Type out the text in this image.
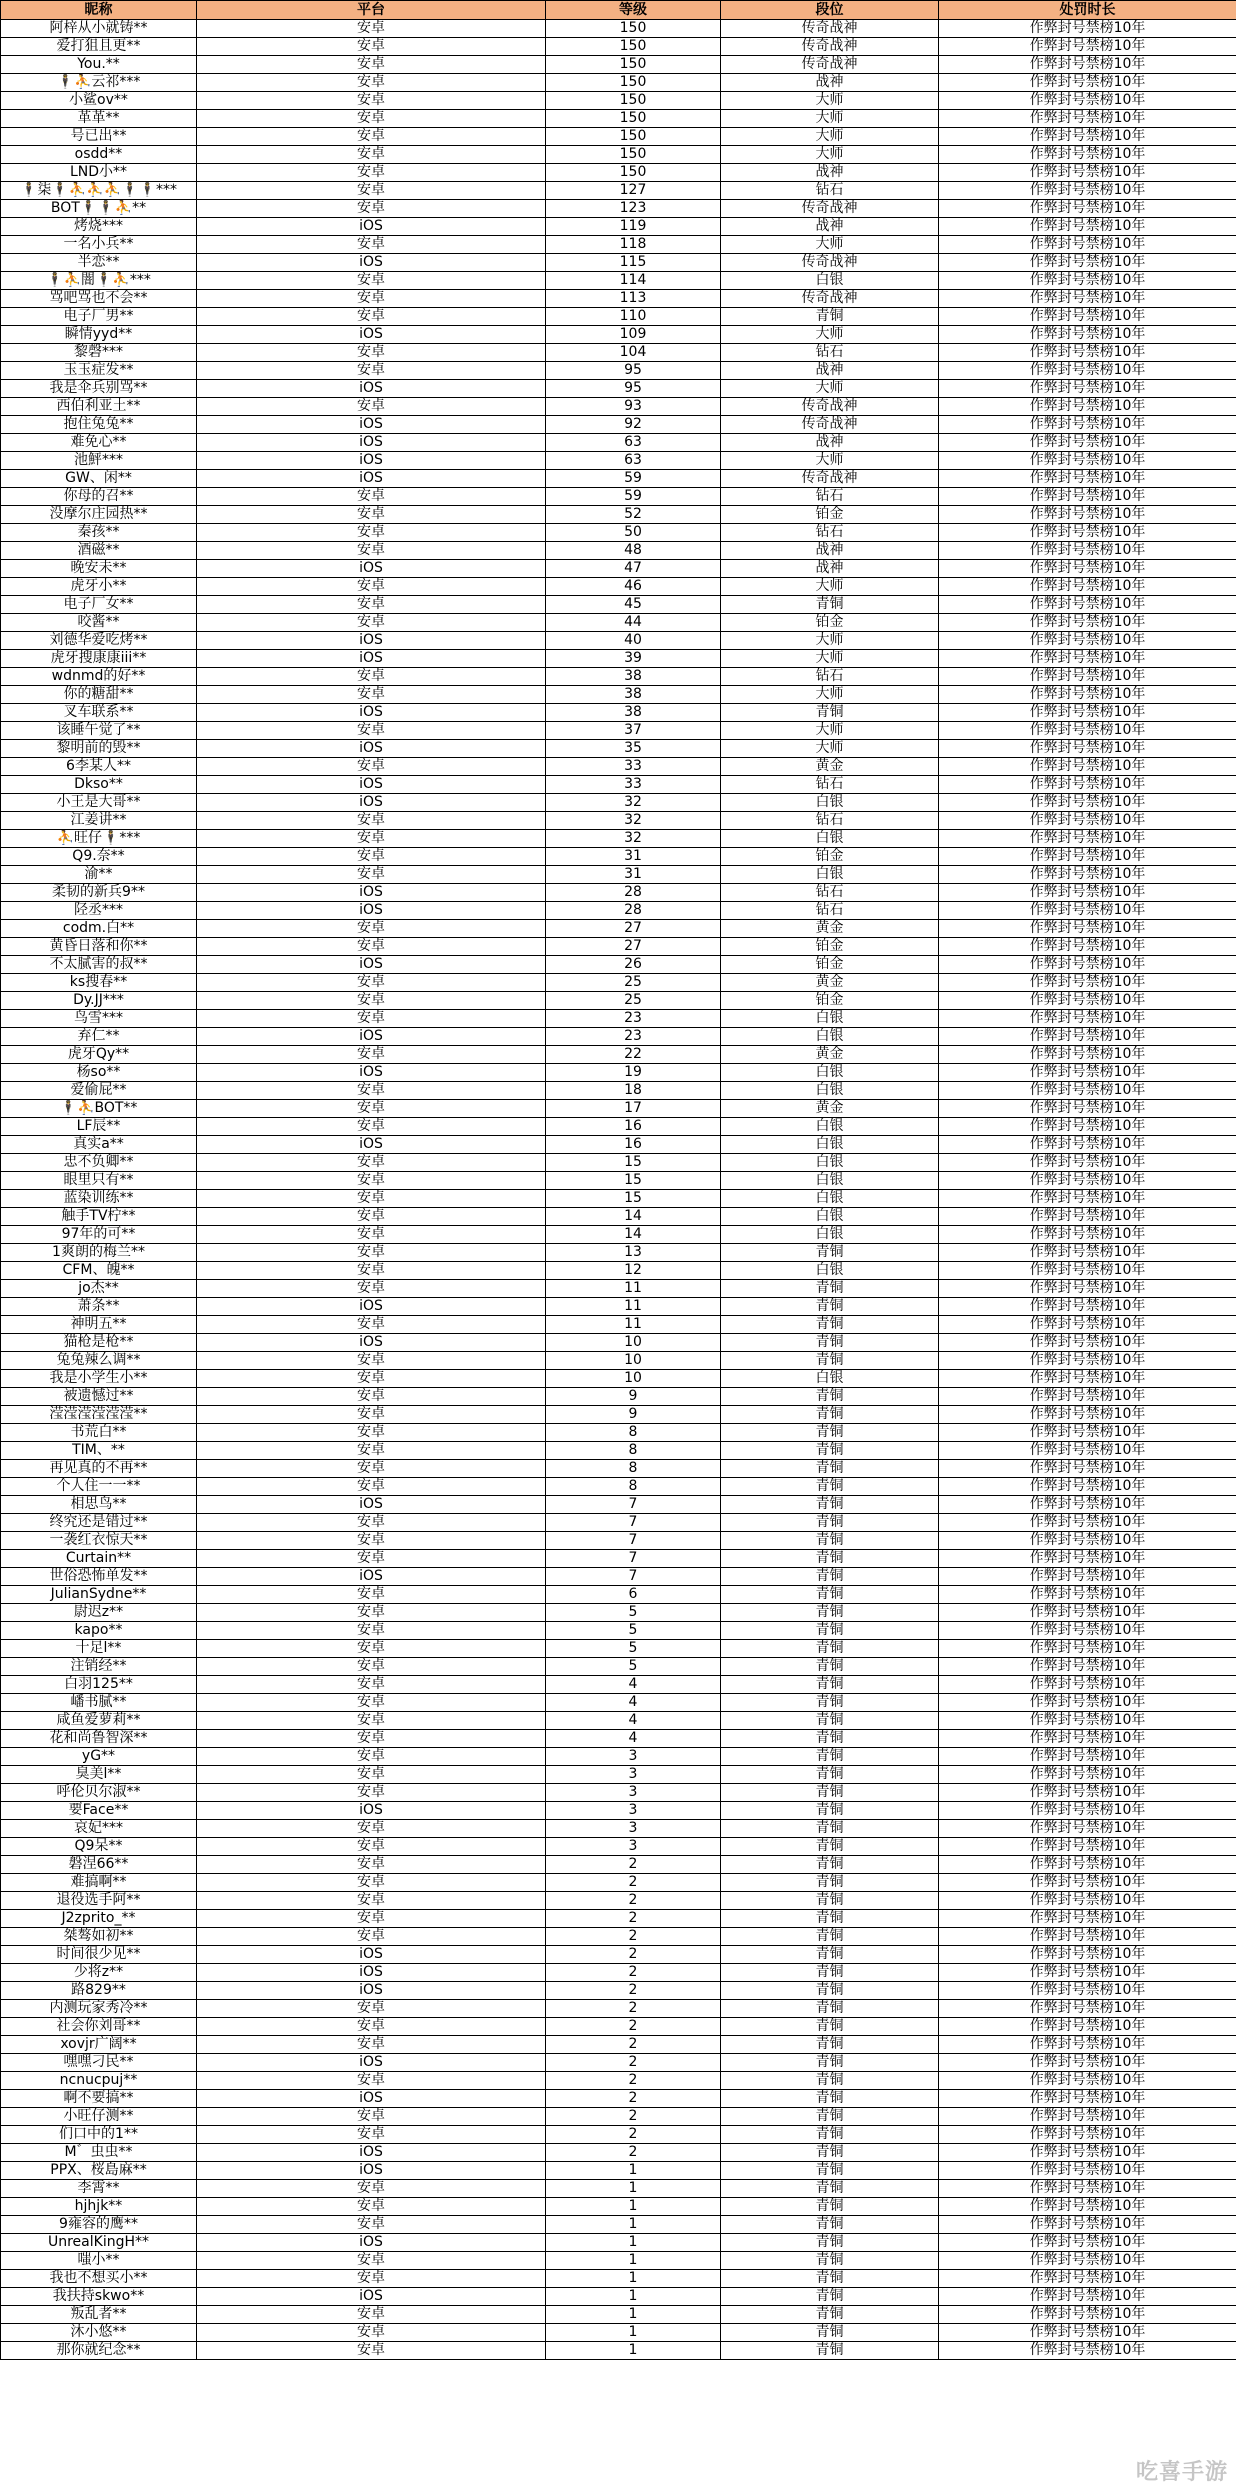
昵称	平台	等级	段位	处罚时长
阿梓从小就铸**	安卓	150	传奇战神	作弊封号禁榜10年
爱打狙且更**	安卓	150	传奇战神	作弊封号禁榜10年
You.**	安卓	150	传奇战神	作弊封号禁榜10年
🕴⛹云祁***	安卓	150	战神	作弊封号禁榜10年
小鲨ov**	安卓	150	大师	作弊封号禁榜10年
革革**	安卓	150	大师	作弊封号禁榜10年
号已出**	安卓	150	大师	作弊封号禁榜10年
osdd**	安卓	150	大师	作弊封号禁榜10年
LND小**	安卓	150	战神	作弊封号禁榜10年
🕴柒🕴⛹⛹⛹🕴🕴***	安卓	127	钻石	作弊封号禁榜10年
BOT🕴🕴⛹**	安卓	123	传奇战神	作弊封号禁榜10年
烤烧***	iOS	119	战神	作弊封号禁榜10年
一名小兵**	安卓	118	大师	作弊封号禁榜10年
半恋**	iOS	115	传奇战神	作弊封号禁榜10年
🕴⛹闇🕴⛹***	安卓	114	白银	作弊封号禁榜10年
骂吧骂也不会**	安卓	113	传奇战神	作弊封号禁榜10年
电子厂男**	安卓	110	青铜	作弊封号禁榜10年
瞬情yyd**	iOS	109	大师	作弊封号禁榜10年
黎磬***	安卓	104	钻石	作弊封号禁榜10年
玉玉症发**	安卓	95	战神	作弊封号禁榜10年
我是伞兵别骂**	iOS	95	大师	作弊封号禁榜10年
西伯利亚土**	安卓	93	传奇战神	作弊封号禁榜10年
抱住兔兔**	iOS	92	传奇战神	作弊封号禁榜10年
难免心**	iOS	63	战神	作弊封号禁榜10年
池鮃***	iOS	63	大师	作弊封号禁榜10年
GW、闲**	iOS	59	传奇战神	作弊封号禁榜10年
你母的召**	安卓	59	钻石	作弊封号禁榜10年
没摩尔庄园热**	安卓	52	铂金	作弊封号禁榜10年
秦孩**	安卓	50	钻石	作弊封号禁榜10年
酒磁**	安卓	48	战神	作弊封号禁榜10年
晚安未**	iOS	47	战神	作弊封号禁榜10年
虎牙小**	安卓	46	大师	作弊封号禁榜10年
电子厂女**	安卓	45	青铜	作弊封号禁榜10年
咬酱**	安卓	44	铂金	作弊封号禁榜10年
刘德华爱吃烤**	iOS	40	大师	作弊封号禁榜10年
虎牙搜康康iii**	iOS	39	大师	作弊封号禁榜10年
wdnmd的好**	安卓	38	钻石	作弊封号禁榜10年
你的糖甜**	安卓	38	大师	作弊封号禁榜10年
叉车联系**	iOS	38	青铜	作弊封号禁榜10年
该睡午觉了**	安卓	37	大师	作弊封号禁榜10年
黎明前的毁**	iOS	35	大师	作弊封号禁榜10年
6李某人**	安卓	33	黄金	作弊封号禁榜10年
Dkso**	iOS	33	钻石	作弊封号禁榜10年
小王是大哥**	iOS	32	白银	作弊封号禁榜10年
江姜讲**	安卓	32	钻石	作弊封号禁榜10年
⛹旺仔🕴***	安卓	32	白银	作弊封号禁榜10年
Q9.奈**	安卓	31	铂金	作弊封号禁榜10年
渝**	安卓	31	白银	作弊封号禁榜10年
柔韧的新兵9**	iOS	28	钻石	作弊封号禁榜10年
陉丞***	iOS	28	钻石	作弊封号禁榜10年
codm.白**	安卓	27	黄金	作弊封号禁榜10年
黄昏日落和你**	安卓	27	铂金	作弊封号禁榜10年
不太腻害的叔**	iOS	26	铂金	作弊封号禁榜10年
ks搜春**	安卓	25	黄金	作弊封号禁榜10年
Dy.JJ***	安卓	25	铂金	作弊封号禁榜10年
鸟雪***	安卓	23	白银	作弊封号禁榜10年
弃仁**	iOS	23	白银	作弊封号禁榜10年
虎牙Qy**	安卓	22	黄金	作弊封号禁榜10年
杨so**	iOS	19	白银	作弊封号禁榜10年
爱偷屁**	安卓	18	白银	作弊封号禁榜10年
🕴⛹BOT**	安卓	17	黄金	作弊封号禁榜10年
LF辰**	安卓	16	白银	作弊封号禁榜10年
真实a**	iOS	16	白银	作弊封号禁榜10年
忠不负卿**	安卓	15	白银	作弊封号禁榜10年
眼里只有**	安卓	15	白银	作弊封号禁榜10年
蓝染训练**	安卓	15	白银	作弊封号禁榜10年
触手TV柠**	安卓	14	白银	作弊封号禁榜10年
97年的可**	安卓	14	白银	作弊封号禁榜10年
1爽朗的梅兰**	安卓	13	青铜	作弊封号禁榜10年
CFM、魄**	安卓	12	白银	作弊封号禁榜10年
jo杰**	安卓	11	青铜	作弊封号禁榜10年
萧条**	iOS	11	青铜	作弊封号禁榜10年
神明五**	安卓	11	青铜	作弊封号禁榜10年
猫枪是枪**	iOS	10	青铜	作弊封号禁榜10年
兔兔辣么调**	安卓	10	青铜	作弊封号禁榜10年
我是小学生小**	安卓	10	白银	作弊封号禁榜10年
被遗憾过**	安卓	9	青铜	作弊封号禁榜10年
滢滢滢滢滢滢**	安卓	9	青铜	作弊封号禁榜10年
书荒白**	安卓	8	青铜	作弊封号禁榜10年
TIM、**	安卓	8	青铜	作弊封号禁榜10年
再见真的不再**	安卓	8	青铜	作弊封号禁榜10年
个人住一一**	安卓	8	青铜	作弊封号禁榜10年
相思鸟**	iOS	7	青铜	作弊封号禁榜10年
终究还是错过**	安卓	7	青铜	作弊封号禁榜10年
一袭红衣惊天**	安卓	7	青铜	作弊封号禁榜10年
Curtain**	安卓	7	青铜	作弊封号禁榜10年
世俗恐怖单发**	iOS	7	青铜	作弊封号禁榜10年
JulianSydne**	安卓	6	青铜	作弊封号禁榜10年
尉迟z**	安卓	5	青铜	作弊封号禁榜10年
kapo**	安卓	5	青铜	作弊封号禁榜10年
十足l**	安卓	5	青铜	作弊封号禁榜10年
注销经**	安卓	5	青铜	作弊封号禁榜10年
白羽125**	安卓	4	青铜	作弊封号禁榜10年
嶓书腻**	安卓	4	青铜	作弊封号禁榜10年
咸鱼爱萝莉**	安卓	4	青铜	作弊封号禁榜10年
花和尚鲁智深**	安卓	4	青铜	作弊封号禁榜10年
yG**	安卓	3	青铜	作弊封号禁榜10年
臭美l**	安卓	3	青铜	作弊封号禁榜10年
呼伦贝尔淑**	安卓	3	青铜	作弊封号禁榜10年
要Face**	iOS	3	青铜	作弊封号禁榜10年
哀妃***	安卓	3	青铜	作弊封号禁榜10年
Q9呆**	安卓	3	青铜	作弊封号禁榜10年
磐涅66**	安卓	2	青铜	作弊封号禁榜10年
难搞啊**	安卓	2	青铜	作弊封号禁榜10年
退役选手阿**	安卓	2	青铜	作弊封号禁榜10年
J2zprito_**	安卓	2	青铜	作弊封号禁榜10年
桀骜如初**	安卓	2	青铜	作弊封号禁榜10年
时间很少见**	iOS	2	青铜	作弊封号禁榜10年
少将z**	iOS	2	青铜	作弊封号禁榜10年
路829**	iOS	2	青铜	作弊封号禁榜10年
内测玩家秀冷**	安卓	2	青铜	作弊封号禁榜10年
社会你刘哥**	安卓	2	青铜	作弊封号禁榜10年
xovjr广阔**	安卓	2	青铜	作弊封号禁榜10年
嘿嘿刁民**	iOS	2	青铜	作弊封号禁榜10年
ncnucpuj**	安卓	2	青铜	作弊封号禁榜10年
啊不要搞**	iOS	2	青铜	作弊封号禁榜10年
小旺仔测**	安卓	2	青铜	作弊封号禁榜10年
们口中的1**	安卓	2	青铜	作弊封号禁榜10年
M゛虫虫**	iOS	2	青铜	作弊封号禁榜10年
PPX、桜島麻**	iOS	1	青铜	作弊封号禁榜10年
李霄**	安卓	1	青铜	作弊封号禁榜10年
hjhjk**	安卓	1	青铜	作弊封号禁榜10年
9雍容的鹰**	安卓	1	青铜	作弊封号禁榜10年
UnrealKingH**	iOS	1	青铜	作弊封号禁榜10年
嗤小**	安卓	1	青铜	作弊封号禁榜10年
我也不想买小**	安卓	1	青铜	作弊封号禁榜10年
我扶持skwo**	iOS	1	青铜	作弊封号禁榜10年
叛乱者**	安卓	1	青铜	作弊封号禁榜10年
沐小悠**	安卓	1	青铜	作弊封号禁榜10年
那你就纪念**	安卓	1	青铜	作弊封号禁榜10年
吃喜手游
